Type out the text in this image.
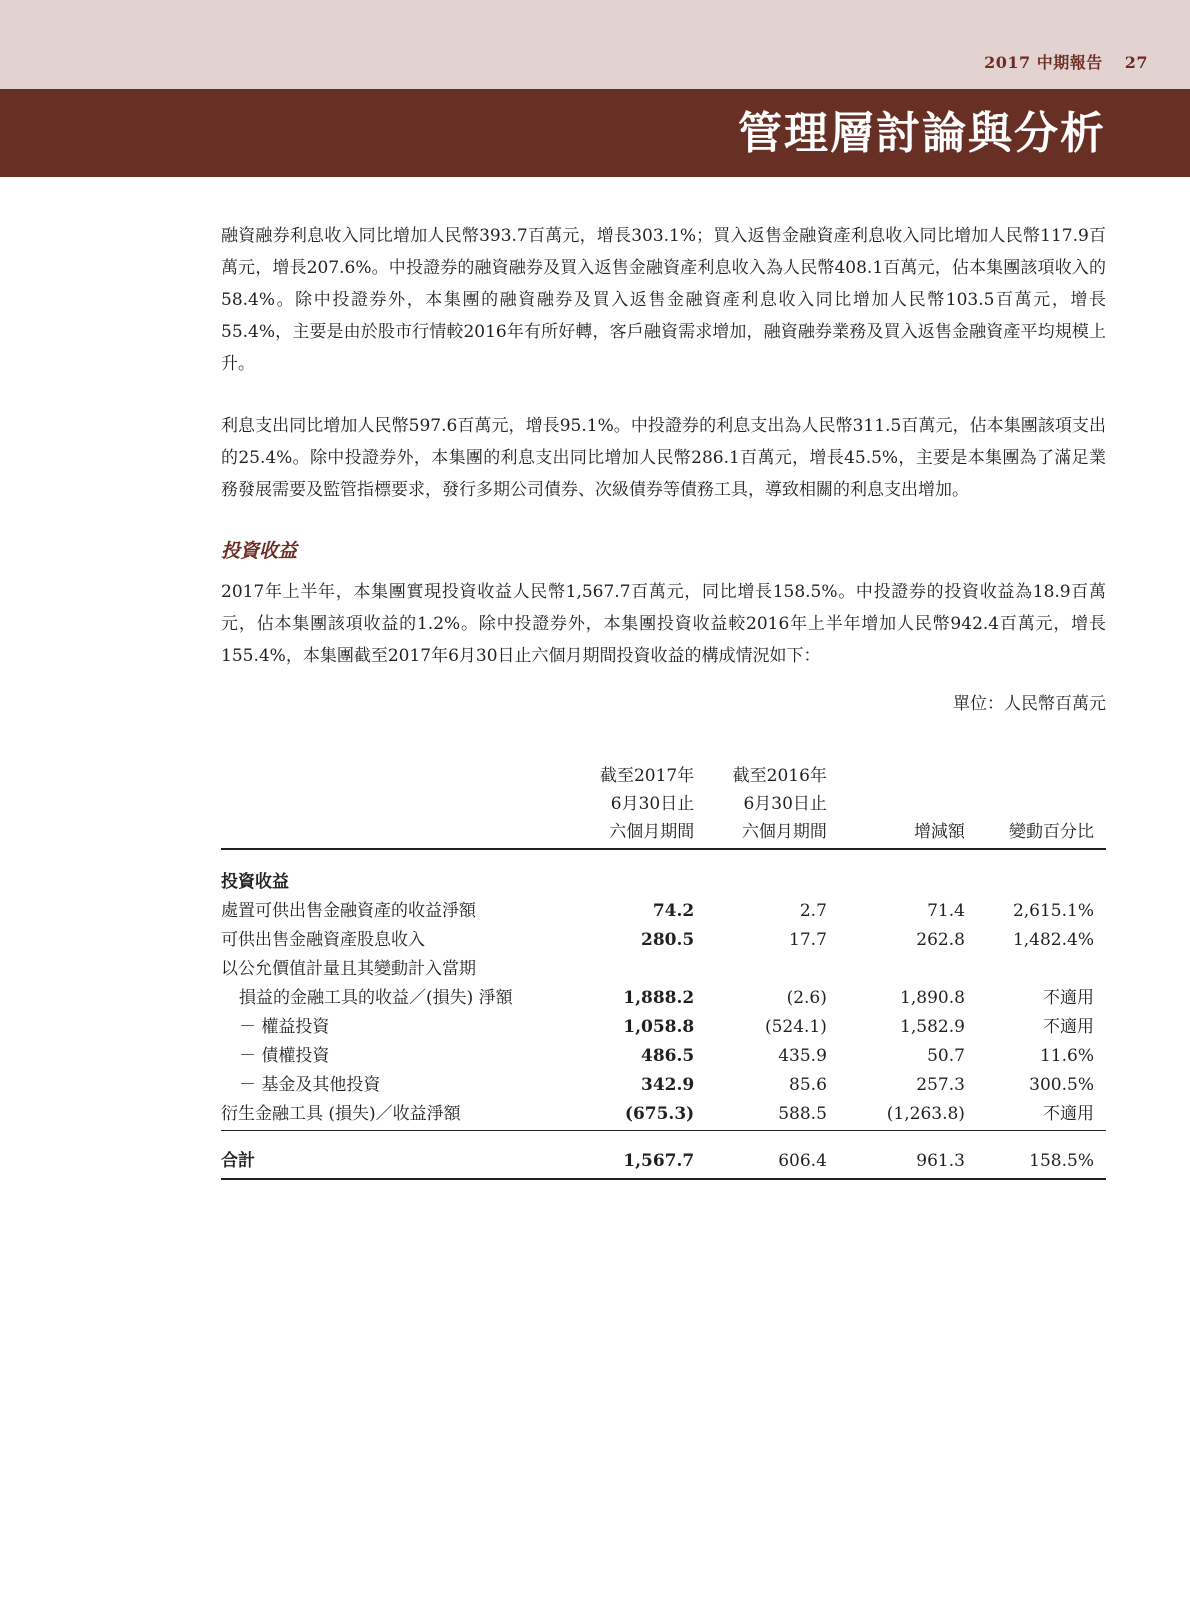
2017 中期報告 27
管理層討論與分析

融資融券利息收入同比增加人民幣393.7百萬元，增長303.1%；買入返售金融資產利息收入同比增加人民幣117.9百萬元，增長207.6%。中投證券的融資融券及買入返售金融資產利息收入為人民幣408.1百萬元，佔本集團該項收入的58.4%。除中投證券外，本集團的融資融券及買入返售金融資產利息收入同比增加人民幣103.5百萬元，增長55.4%，主要是由於股市行情較2016年有所好轉，客戶融資需求增加，融資融券業務及買入返售金融資產平均規模上升。

利息支出同比增加人民幣597.6百萬元，增長95.1%。中投證券的利息支出為人民幣311.5百萬元，佔本集團該項支出的25.4%。除中投證券外，本集團的利息支出同比增加人民幣286.1百萬元，增長45.5%，主要是本集團為了滿足業務發展需要及監管指標要求，發行多期公司債券、次級債券等債務工具，導致相關的利息支出增加。

投資收益

2017年上半年，本集團實現投資收益人民幣1,567.7百萬元，同比增長158.5%。中投證券的投資收益為18.9百萬元，佔本集團該項收益的1.2%。除中投證券外，本集團投資收益較2016年上半年增加人民幣942.4百萬元，增長155.4%，本集團截至2017年6月30日止六個月期間投資收益的構成情況如下：

單位：人民幣百萬元

	截至2017年
6月30日止
六個月期間	截至2016年
6月30日止
六個月期間	增減額	變動百分比

投資收益				
處置可供出售金融資產的收益淨額	74.2	2.7	71.4	2,615.1%
可供出售金融資產股息收入	280.5	17.7	262.8	1,482.4%
以公允價值計量且其變動計入當期				
損益的金融工具的收益／(損失) 淨額	1,888.2	(2.6)	1,890.8	不適用
－ 權益投資	1,058.8	(524.1)	1,582.9	不適用
－ 債權投資	486.5	435.9	50.7	11.6%
－ 基金及其他投資	342.9	85.6	257.3	300.5%
衍生金融工具 (損失)／收益淨額	(675.3)	588.5	(1,263.8)	不適用

合計	1,567.7	606.4	961.3	158.5%
